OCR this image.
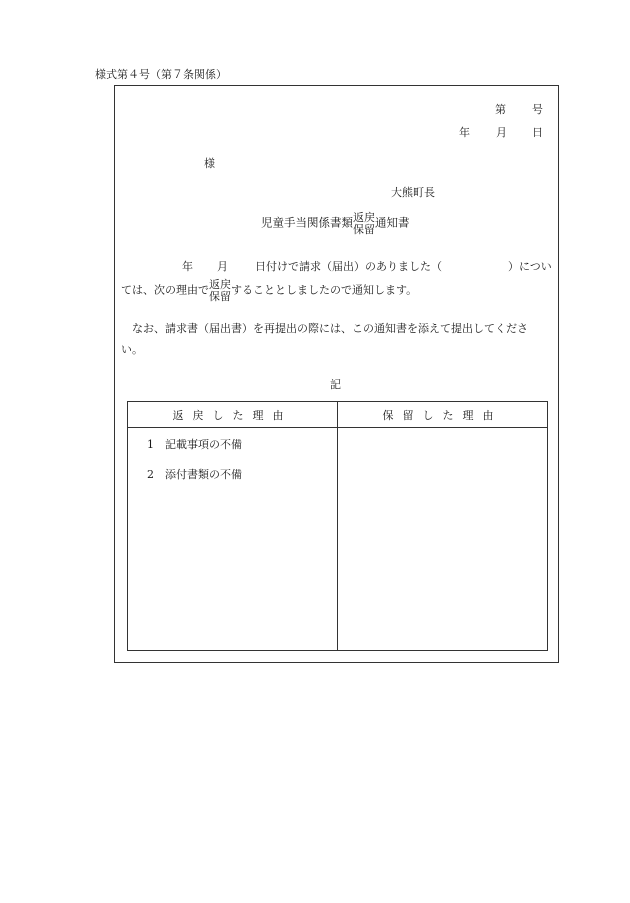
様式第４号（第７条関係）
第 号
年 月 日
様
大熊町長
児童手当関係書類 返戻
保留 通知書
年 月 日付けで請求（届出）のありました（	）につい
ては、次の理由で 返戻
保留 することとしましたので通知します。
なお、請求書（届出書）を再提出の際には、この通知書を添えて提出してください。
記
返戻した理由	保留した理由

1 記載事項の不備
2 添付書類の不備	
